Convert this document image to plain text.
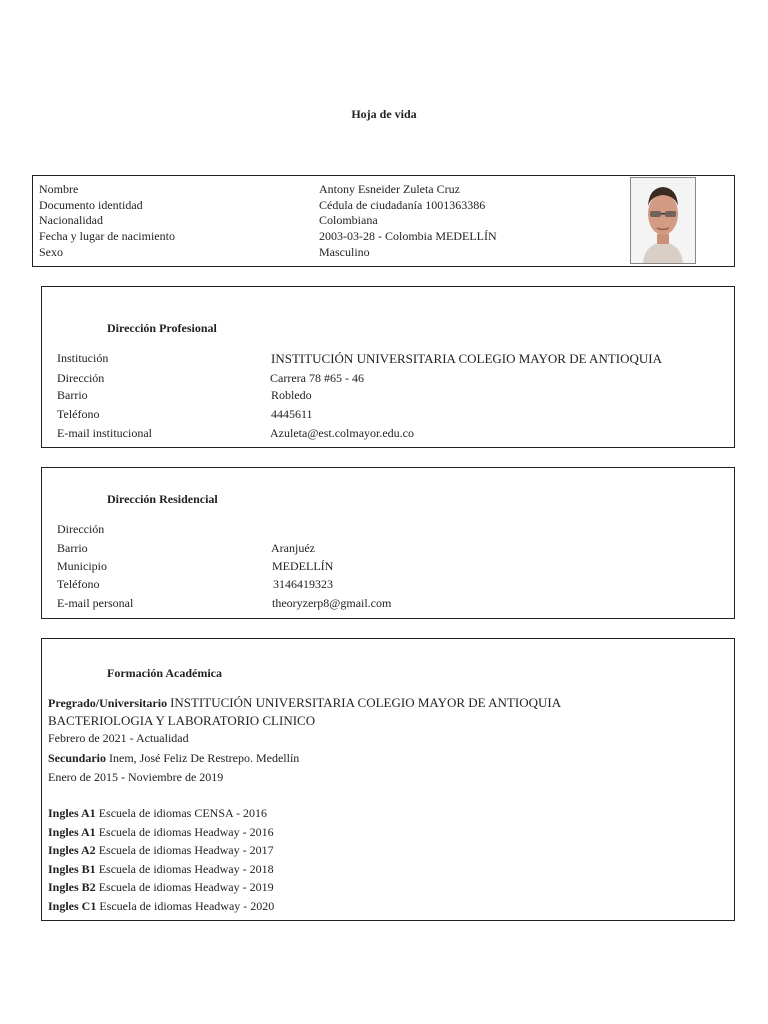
Hoja de vida
Nombre	Antony Esneider Zuleta Cruz
Documento identidad	Cédula de ciudadanía 1001363386
Nacionalidad	Colombiana
Fecha y lugar de nacimiento	2003-03-28 - Colombia MEDELLÍN
Sexo	Masculino
Dirección Profesional
Institución	INSTITUCIÓN UNIVERSITARIA COLEGIO MAYOR DE ANTIOQUIA
Dirección	Carrera 78 #65 - 46
Barrio	Robledo
Teléfono	4445611
E-mail institucional	Azuleta@est.colmayor.edu.co
Dirección Residencial
Dirección
Barrio	Aranjuéz
Municipio	MEDELLÍN
Teléfono	3146419323
E-mail personal	theoryzerp8@gmail.com
Formación Académica
Pregrado/Universitario INSTITUCIÓN UNIVERSITARIA COLEGIO MAYOR DE ANTIOQUIA
BACTERIOLOGIA Y LABORATORIO CLINICO
Febrero de 2021 - Actualidad
Secundario Inem, José Feliz De Restrepo. Medellín
Enero de 2015 - Noviembre de 2019
Ingles A1 Escuela de idiomas CENSA - 2016
Ingles A1 Escuela de idiomas Headway - 2016
Ingles A2 Escuela de idiomas Headway - 2017
Ingles B1 Escuela de idiomas Headway - 2018
Ingles B2 Escuela de idiomas Headway - 2019
Ingles C1 Escuela de idiomas Headway - 2020
